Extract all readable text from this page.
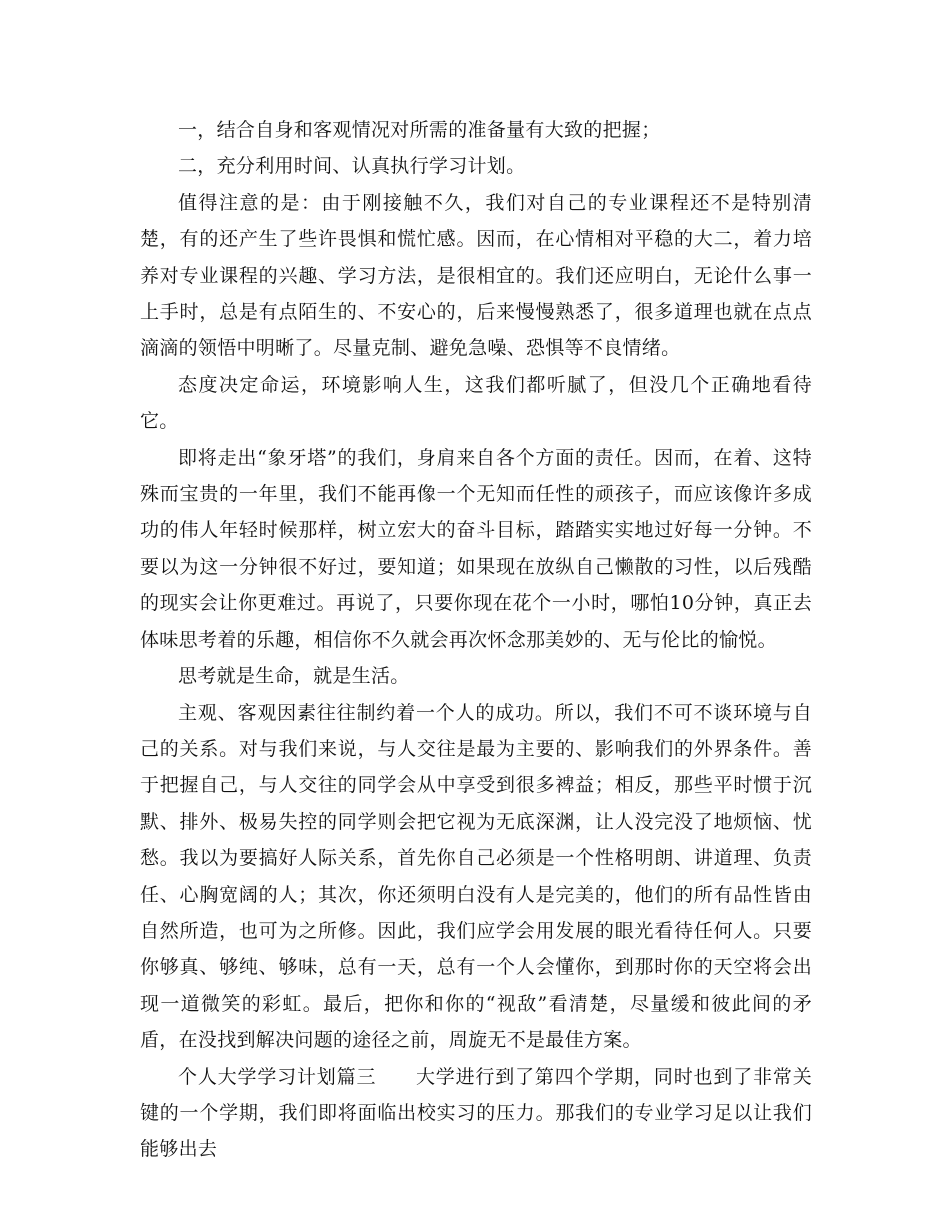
一，结合自身和客观情况对所需的准备量有大致的把握；

二，充分利用时间、认真执行学习计划。

值得注意的是：由于刚接触不久，我们对自己的专业课程还不是特别清楚，有的还产生了些许畏惧和慌忙感。因而，在心情相对平稳的大二，着力培养对专业课程的兴趣、学习方法，是很相宜的。我们还应明白，无论什么事一上手时，总是有点陌生的、不安心的，后来慢慢熟悉了，很多道理也就在点点滴滴的领悟中明晰了。尽量克制、避免急噪、恐惧等不良情绪。

态度决定命运，环境影响人生，这我们都听腻了，但没几个正确地看待它。

即将走出“象牙塔”的我们，身肩来自各个方面的责任。因而，在着、这特殊而宝贵的一年里，我们不能再像一个无知而任性的顽孩子，而应该像许多成功的伟人年轻时候那样，树立宏大的奋斗目标，踏踏实实地过好每一分钟。不要以为这一分钟很不好过，要知道；如果现在放纵自己懒散的习性，以后残酷的现实会让你更难过。再说了，只要你现在花个一小时，哪怕10分钟，真正去体味思考着的乐趣，相信你不久就会再次怀念那美妙的、无与伦比的愉悦。

思考就是生命，就是生活。

主观、客观因素往往制约着一个人的成功。所以，我们不可不谈环境与自己的关系。对与我们来说，与人交往是最为主要的、影响我们的外界条件。善于把握自己，与人交往的同学会从中享受到很多裨益；相反，那些平时惯于沉默、排外、极易失控的同学则会把它视为无底深渊，让人没完没了地烦恼、忧愁。我以为要搞好人际关系，首先你自己必须是一个性格明朗、讲道理、负责任、心胸宽阔的人；其次，你还须明白没有人是完美的，他们的所有品性皆由自然所造，也可为之所修。因此，我们应学会用发展的眼光看待任何人。只要你够真、够纯、够味，总有一天，总有一个人会懂你，到那时你的天空将会出现一道微笑的彩虹。最后，把你和你的“视敌”看清楚，尽量缓和彼此间的矛盾，在没找到解决问题的途径之前，周旋无不是最佳方案。

个人大学学习计划篇三　　大学进行到了第四个学期，同时也到了非常关键的一个学期，我们即将面临出校实习的压力。那我们的专业学习足以让我们能够出去
